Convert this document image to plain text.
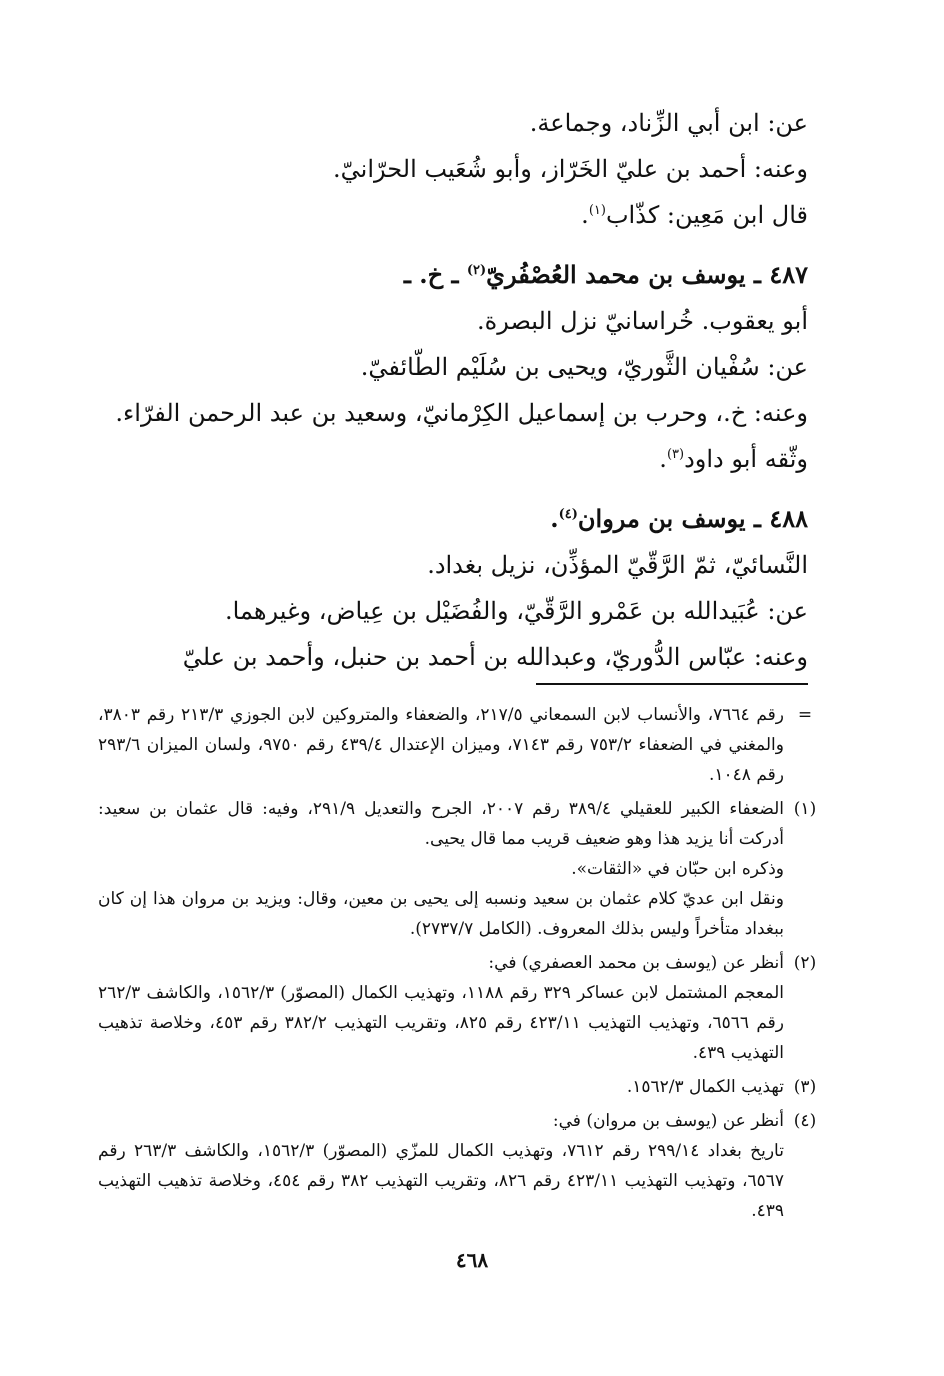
عن: ابن أبي الزِّناد، وجماعة.

وعنه: أحمد بن عليّ الخَرّاز، وأبو شُعَيب الحرّانيّ.

قال ابن مَعِين: كذّاب$^{(١)}$.

٤٨٧ ـ يوسف بن محمد العُصْفُريّ$^{(٢)}$ ـ خ. ـ

أبو يعقوب. خُراسانيّ نزل البصرة.

عن: سُفْيان الثَّوريّ، ويحيى بن سُلَيْم الطّائفيّ.

وعنه: خ.، وحرب بن إسماعيل الكِرْمانيّ، وسعيد بن عبد الرحمن الفرّاء.

وثّقه أبو داود$^{(٣)}$.

٤٨٨ ـ يوسف بن مروان$^{(٤)}$.

النَّسائيّ، ثمّ الرَّقّيّ المؤذِّن، نزيل بغداد.

عن: عُبَيدالله بن عَمْرو الرَّقّيّ، والفُضَيْل بن عِياض، وغيرهما.

وعنه: عبّاس الدُّوريّ، وعبدالله بن أحمد بن حنبل، وأحمد بن عليّ

=

رقم ٧٦٦٤، والأنساب لابن السمعاني ٢١٧/٥، والضعفاء والمتروكين لابن الجوزي ٢١٣/٣ رقم ٣٨٠٣، والمغني في الضعفاء ٧٥٣/٢ رقم ٧١٤٣، وميزان الإعتدال ٤٣٩/٤ رقم ٩٧٥٠، ولسان الميزان ٢٩٣/٦ رقم ١٠٤٨.

(١)

الضعفاء الكبير للعقيلي ٣٨٩/٤ رقم ٢٠٠٧، الجرح والتعديل ٢٩١/٩، وفيه: قال عثمان بن سعيد: أدركت أنا يزيد هذا وهو ضعيف قريب مما قال يحيى.

وذكره ابن حبّان في «الثقات».

ونقل ابن عديّ كلام عثمان بن سعيد ونسبه إلى يحيى بن معين، وقال: ويزيد بن مروان هذا إن كان ببغداد متأخراً وليس بذلك المعروف. (الكامل ٢٧٣٧/٧).

(٢)

أنظر عن (يوسف بن محمد العصفري) في:

المعجم المشتمل لابن عساكر ٣٢٩ رقم ١١٨٨، وتهذيب الكمال (المصوّر) ١٥٦٢/٣، والكاشف ٢٦٢/٣ رقم ٦٥٦٦، وتهذيب التهذيب ٤٢٣/١١ رقم ٨٢٥، وتقريب التهذيب ٣٨٢/٢ رقم ٤٥٣، وخلاصة تذهيب التهذيب ٤٣٩.

(٣)

تهذيب الكمال ١٥٦٢/٣.

(٤)

أنظر عن (يوسف بن مروان) في:

تاريخ بغداد ٢٩٩/١٤ رقم ٧٦١٢، وتهذيب الكمال للمزّي (المصوّر) ١٥٦٢/٣، والكاشف ٢٦٣/٣ رقم ٦٥٦٧، وتهذيب التهذيب ٤٢٣/١١ رقم ٨٢٦، وتقريب التهذيب ٣٨٢ رقم ٤٥٤، وخلاصة تذهيب التهذيب ٤٣٩.

٤٦٨
